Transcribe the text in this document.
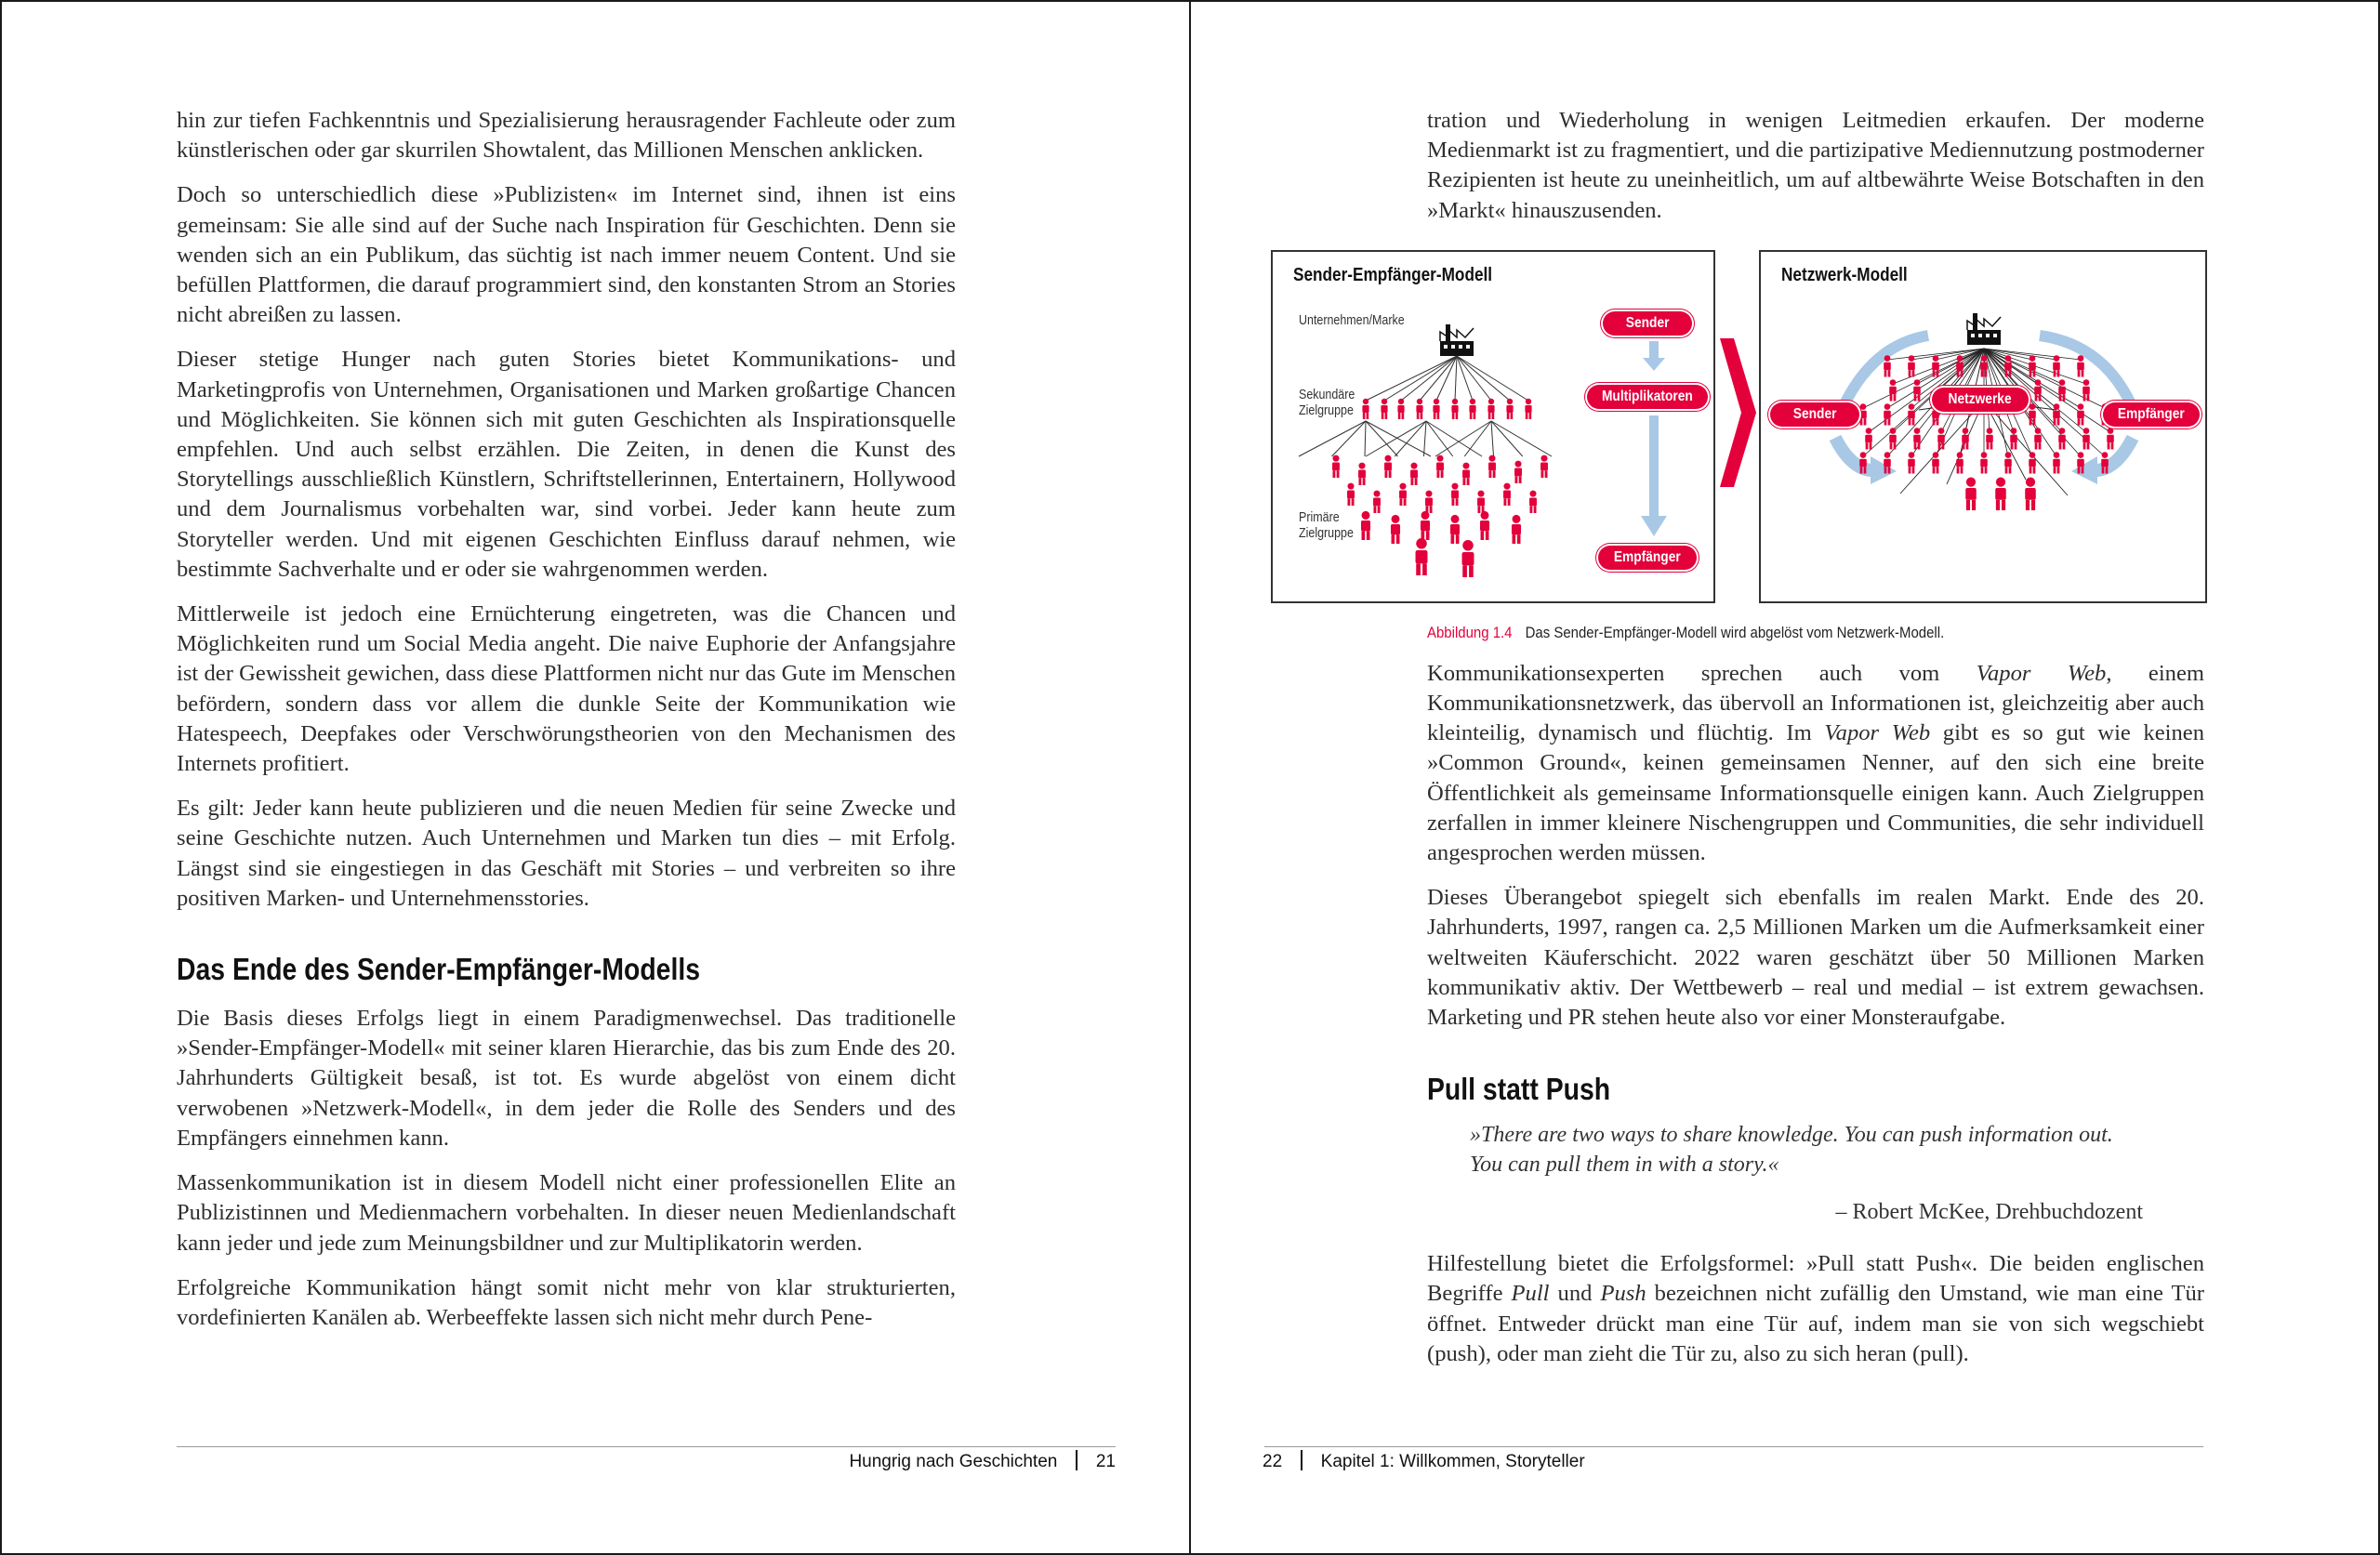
hin zur tiefen Fachkenntnis und Spezialisierung herausragender Fachleute oder zum künstlerischen oder gar skurrilen Showtalent, das Millionen Menschen anklicken.

Doch so unterschiedlich diese »Publizisten« im Internet sind, ihnen ist eins gemeinsam: Sie alle sind auf der Suche nach Inspiration für Geschichten. Denn sie wenden sich an ein Publikum, das süchtig ist nach immer neuem Content. Und sie befüllen Plattformen, die darauf programmiert sind, den konstanten Strom an Stories nicht abreißen zu lassen.

Dieser stetige Hunger nach guten Stories bietet Kommunikations- und Marketingprofis von Unternehmen, Organisationen und Marken großartige Chancen und Möglichkeiten. Sie können sich mit guten Geschichten als Inspirationsquelle empfehlen. Und auch selbst erzählen. Die Zeiten, in denen die Kunst des Storytellings ausschließlich Künstlern, Schriftstellerinnen, Entertainern, Hollywood und dem Journalismus vorbehalten war, sind vorbei. Jeder kann heute zum Storyteller werden. Und mit eigenen Geschichten Einfluss darauf nehmen, wie bestimmte Sachverhalte und er oder sie wahrgenommen werden.

Mittlerweile ist jedoch eine Ernüchterung eingetreten, was die Chancen und Möglichkeiten rund um Social Media angeht. Die naive Euphorie der Anfangsjahre ist der Gewissheit gewichen, dass diese Plattformen nicht nur das Gute im Menschen befördern, sondern dass vor allem die dunkle Seite der Kommunikation wie Hatespeech, Deepfakes oder Verschwörungstheorien von den Mechanismen des Internets profitiert.

Es gilt: Jeder kann heute publizieren und die neuen Medien für seine Zwecke und seine Geschichte nutzen. Auch Unternehmen und Marken tun dies – mit Erfolg. Längst sind sie eingestiegen in das Geschäft mit Stories – und verbreiten so ihre positiven Marken- und Unternehmensstories.

Das Ende des Sender-Empfänger-Modells

Die Basis dieses Erfolgs liegt in einem Paradigmenwechsel. Das traditionelle »Sender-Empfänger-Modell« mit seiner klaren Hierarchie, das bis zum Ende des 20. Jahrhunderts Gültigkeit besaß, ist tot. Es wurde abgelöst von einem dicht verwobenen »Netzwerk-Modell«, in dem jeder die Rolle des Senders und des Empfängers einnehmen kann.

Massenkommunikation ist in diesem Modell nicht einer professionellen Elite an Publizistinnen und Medienmachern vorbehalten. In dieser neuen Medienlandschaft kann jeder und jede zum Meinungsbildner und zur Multiplikatorin werden.

Erfolgreiche Kommunikation hängt somit nicht mehr von klar strukturierten, vordefinierten Kanälen ab. Werbeeffekte lassen sich nicht mehr durch Pene-

Hungrig nach Geschichten 21

tration und Wiederholung in wenigen Leitmedien erkaufen. Der moderne Medienmarkt ist zu fragmentiert, und die partizipative Mediennutzung postmoderner Rezipienten ist heute zu uneinheitlich, um auf altbewährte Weise Botschaften in den »Markt« hinauszusenden.

Sender-Empfänger-Modell
Unternehmen/Marke
Sekundäre
Zielgruppe
Primäre
Zielgruppe
Sender
Multiplikatoren
Empfänger
Netzwerk-Modell
Sender
Netzwerke
Empfänger
Abbildung 1.4 Das Sender-Empfänger-Modell wird abgelöst vom Netzwerk-Modell.

Kommunikationsexperten sprechen auch vom Vapor Web, einem Kommunikationsnetzwerk, das übervoll an Informationen ist, gleichzeitig aber auch kleinteilig, dynamisch und flüchtig. Im Vapor Web gibt es so gut wie keinen »Common Ground«, keinen gemeinsamen Nenner, auf den sich eine breite Öffentlichkeit als gemeinsame Informationsquelle einigen kann. Auch Zielgruppen zerfallen in immer kleinere Nischengruppen und Communities, die sehr individuell angesprochen werden müssen.

Dieses Überangebot spiegelt sich ebenfalls im realen Markt. Ende des 20. Jahrhunderts, 1997, rangen ca. 2,5 Millionen Marken um die Aufmerksamkeit einer weltweiten Käuferschicht. 2022 waren geschätzt über 50 Millionen Marken kommunikativ aktiv. Der Wettbewerb – real und medial – ist extrem gewachsen. Marketing und PR stehen heute also vor einer Monsteraufgabe.

Pull statt Push
»There are two ways to share knowledge. You can push information out. You can pull them in with a story.«
– Robert McKee, Drehbuchdozent

Hilfestellung bietet die Erfolgsformel: »Pull statt Push«. Die beiden englischen Begriffe Pull und Push bezeichnen nicht zufällig den Umstand, wie man eine Tür öffnet. Entweder drückt man eine Tür auf, indem man sie von sich wegschiebt (push), oder man zieht die Tür zu, also zu sich heran (pull).

22 Kapitel 1: Willkommen, Storyteller
